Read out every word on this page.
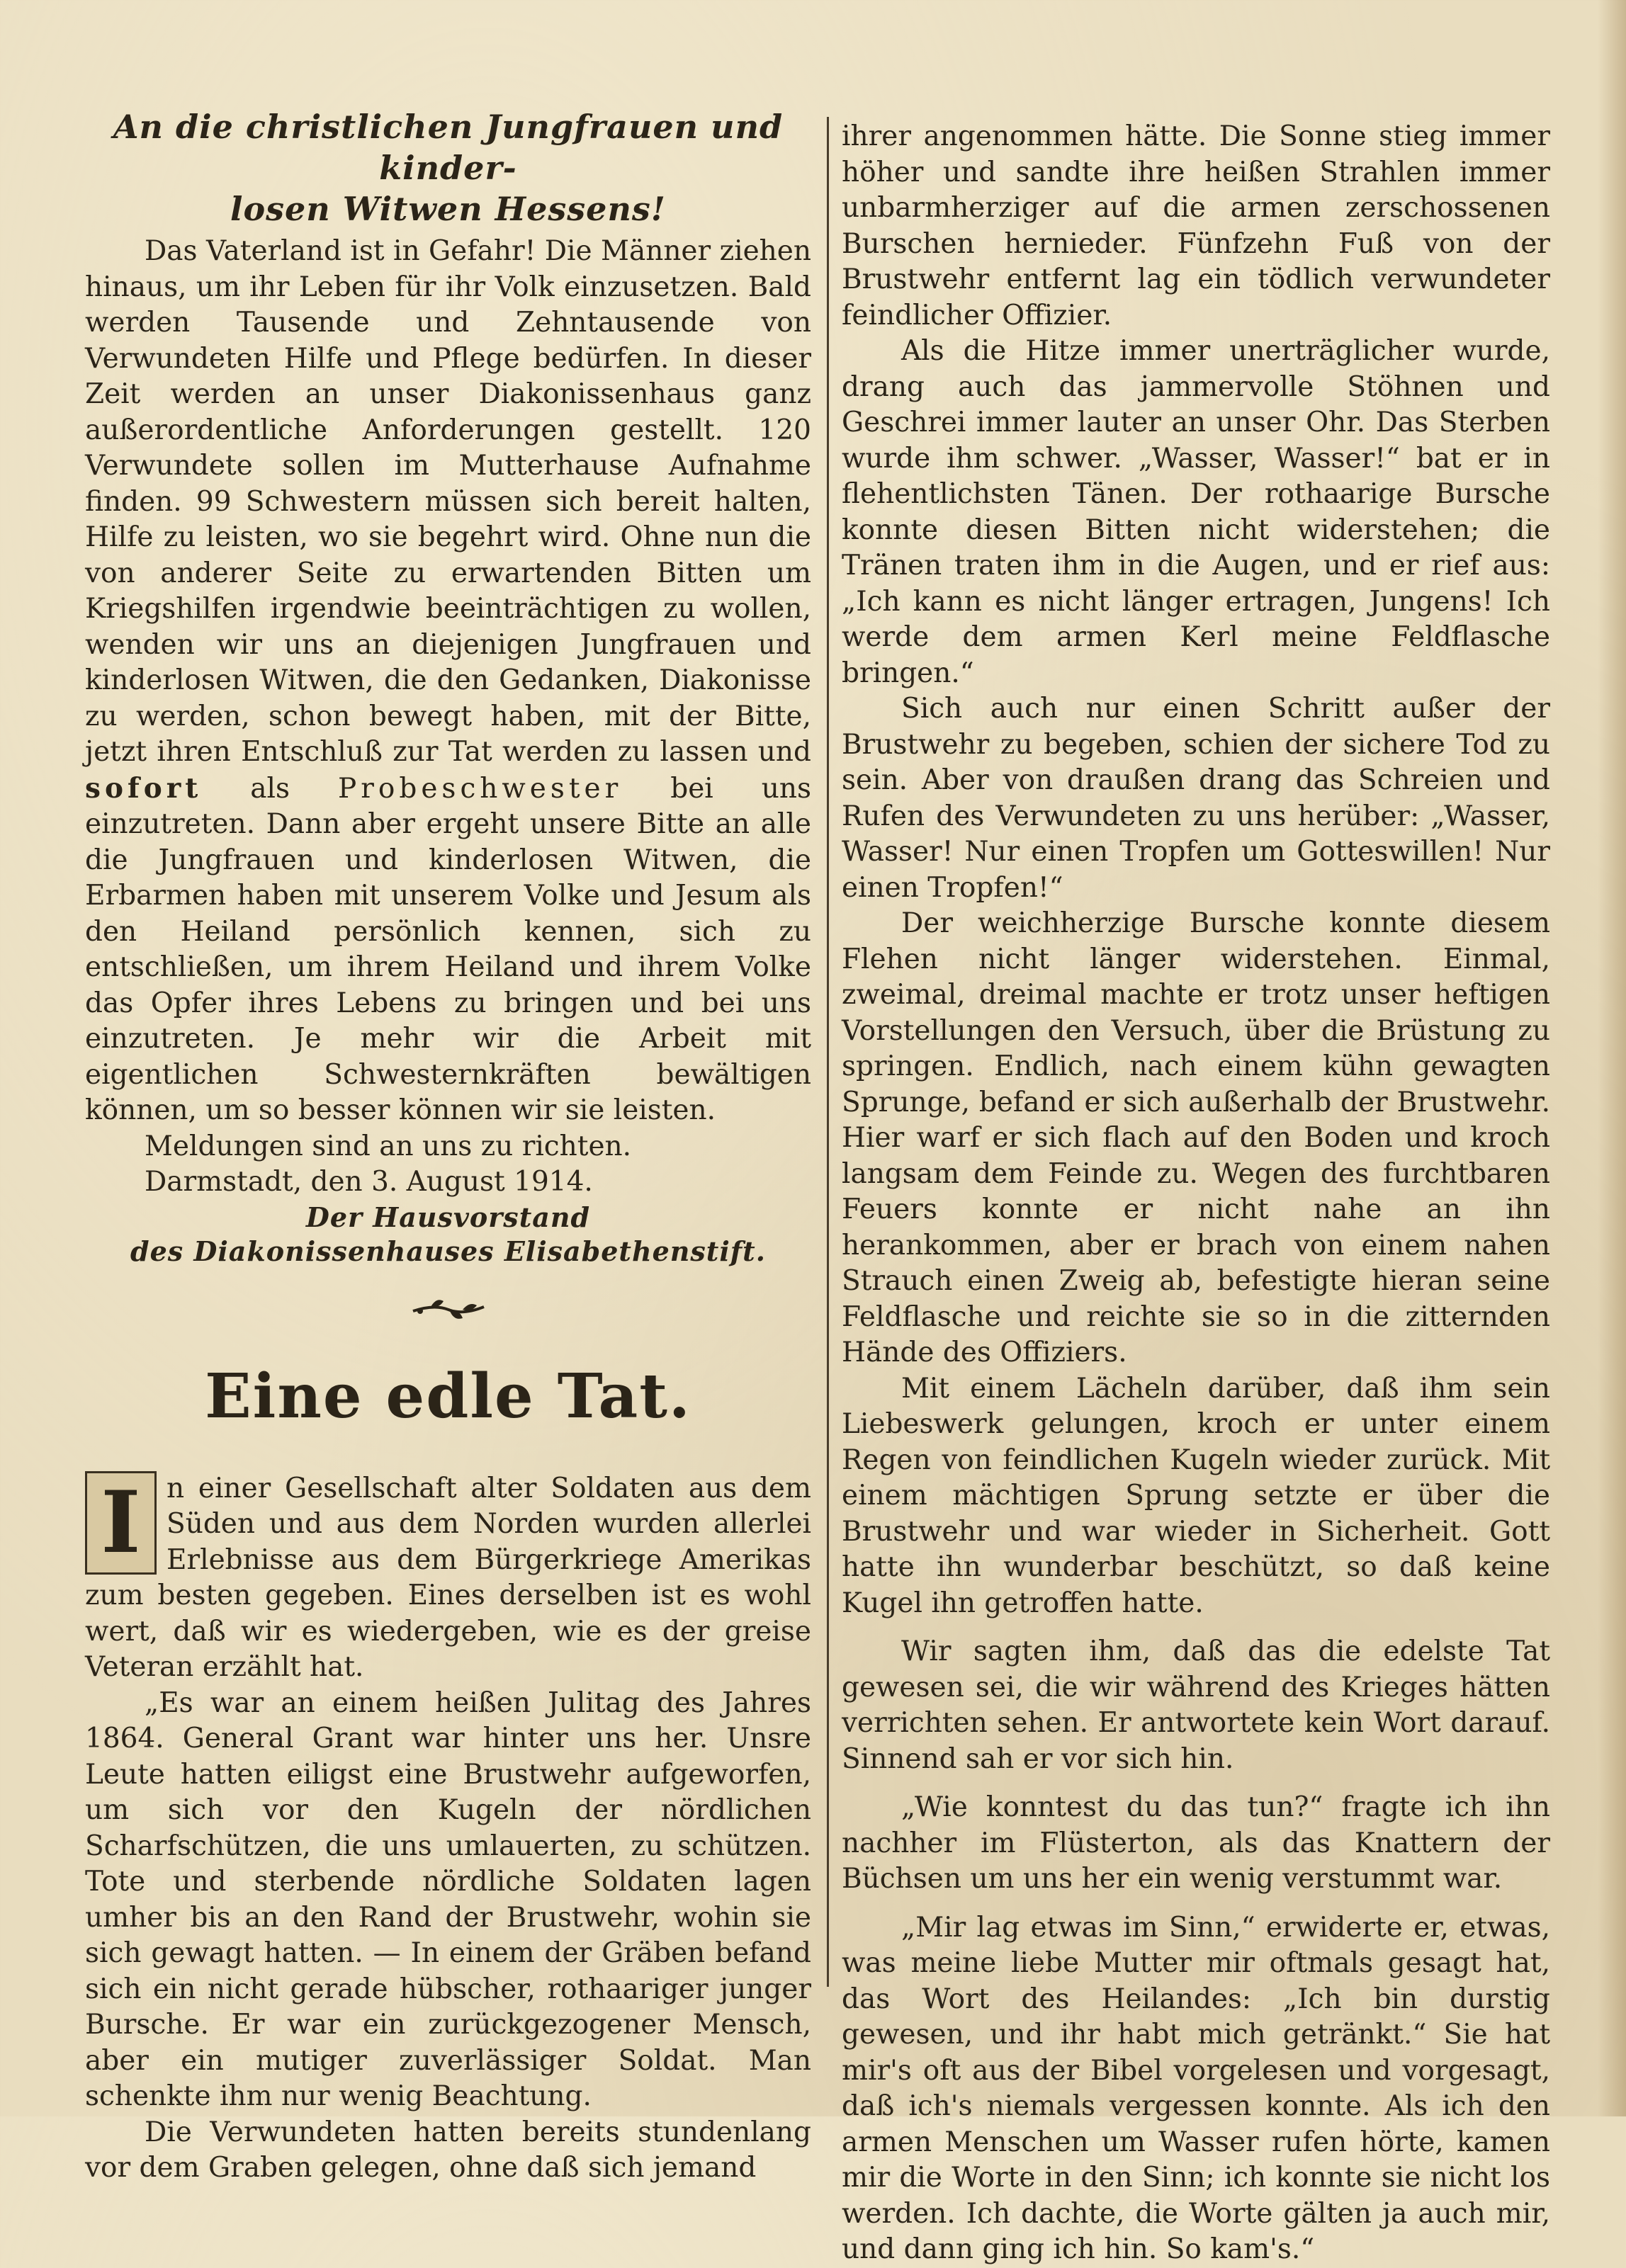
An die christlichen Jungfrauen und kinder-
losen Witwen Hessens!

Das Vaterland ist in Gefahr! Die Männer ziehen hinaus, um ihr Leben für ihr Volk einzusetzen. Bald werden Tausende und Zehntausende von Verwundeten Hilfe und Pflege bedürfen. In dieser Zeit werden an unser Diakonissenhaus ganz außerordentliche Anforderungen gestellt. 120 Verwundete sollen im Mutterhause Aufnahme finden. 99 Schwestern müssen sich bereit halten, Hilfe zu leisten, wo sie begehrt wird. Ohne nun die von anderer Seite zu erwartenden Bitten um Kriegshilfen irgendwie beeinträchtigen zu wollen, wenden wir uns an diejenigen Jungfrauen und kinderlosen Witwen, die den Gedanken, Diakonisse zu werden, schon bewegt haben, mit der Bitte, jetzt ihren Entschluß zur Tat werden zu lassen und sofort als Probeschwester bei uns einzutreten. Dann aber ergeht unsere Bitte an alle die Jungfrauen und kinderlosen Witwen, die Erbarmen haben mit unserem Volke und Jesum als den Heiland persönlich kennen, sich zu entschließen, um ihrem Heiland und ihrem Volke das Opfer ihres Lebens zu bringen und bei uns einzutreten. Je mehr wir die Arbeit mit eigentlichen Schwesternkräften bewältigen können, um so besser können wir sie leisten.

Meldungen sind an uns zu richten.

Darmstadt, den 3. August 1914.

Der Hausvorstand
des Diakonissenhauses Elisabethenstift.
Eine edle Tat.
I n einer Gesellschaft alter Soldaten aus dem Süden und aus dem Norden wurden allerlei Erlebnisse aus dem Bürgerkriege Amerikas zum besten gegeben. Eines derselben ist es wohl wert, daß wir es wiedergeben, wie es der greise Veteran erzählt hat.

„Es war an einem heißen Julitag des Jahres 1864. General Grant war hinter uns her. Unsre Leute hatten eiligst eine Brustwehr aufgeworfen, um sich vor den Kugeln der nördlichen Scharfschützen, die uns umlauerten, zu schützen. Tote und sterbende nördliche Soldaten lagen umher bis an den Rand der Brustwehr, wohin sie sich gewagt hatten. — In einem der Gräben befand sich ein nicht gerade hübscher, rothaariger junger Bursche. Er war ein zurückgezogener Mensch, aber ein mutiger zuverlässiger Soldat. Man schenkte ihm nur wenig Beachtung.

Die Verwundeten hatten bereits stundenlang vor dem Graben gelegen, ohne daß sich jemand

ihrer angenommen hätte. Die Sonne stieg immer höher und sandte ihre heißen Strahlen immer unbarmherziger auf die armen zerschossenen Burschen hernieder. Fünfzehn Fuß von der Brustwehr entfernt lag ein tödlich verwundeter feindlicher Offizier.

Als die Hitze immer unerträglicher wurde, drang auch das jammervolle Stöhnen und Geschrei immer lauter an unser Ohr. Das Sterben wurde ihm schwer. „Wasser, Wasser!“ bat er in flehentlichsten Tänen. Der rothaarige Bursche konnte diesen Bitten nicht widerstehen; die Tränen traten ihm in die Augen, und er rief aus: „Ich kann es nicht länger ertragen, Jungens! Ich werde dem armen Kerl meine Feldflasche bringen.“

Sich auch nur einen Schritt außer der Brustwehr zu begeben, schien der sichere Tod zu sein. Aber von draußen drang das Schreien und Rufen des Verwundeten zu uns herüber: „Wasser, Wasser! Nur einen Tropfen um Gotteswillen! Nur einen Tropfen!“

Der weichherzige Bursche konnte diesem Flehen nicht länger widerstehen. Einmal, zweimal, dreimal machte er trotz unser heftigen Vorstellungen den Versuch, über die Brüstung zu springen. Endlich, nach einem kühn gewagten Sprunge, befand er sich außerhalb der Brustwehr. Hier warf er sich flach auf den Boden und kroch langsam dem Feinde zu. Wegen des furchtbaren Feuers konnte er nicht nahe an ihn herankommen, aber er brach von einem nahen Strauch einen Zweig ab, befestigte hieran seine Feldflasche und reichte sie so in die zitternden Hände des Offiziers.

Mit einem Lächeln darüber, daß ihm sein Liebeswerk gelungen, kroch er unter einem Regen von feindlichen Kugeln wieder zurück. Mit einem mächtigen Sprung setzte er über die Brustwehr und war wieder in Sicherheit. Gott hatte ihn wunderbar beschützt, so daß keine Kugel ihn getroffen hatte.

Wir sagten ihm, daß das die edelste Tat gewesen sei, die wir während des Krieges hätten verrichten sehen. Er antwortete kein Wort darauf. Sinnend sah er vor sich hin.

„Wie konntest du das tun?“ fragte ich ihn nachher im Flüsterton, als das Knattern der Büchsen um uns her ein wenig verstummt war.

„Mir lag etwas im Sinn,“ erwiderte er, etwas, was meine liebe Mutter mir oftmals gesagt hat, das Wort des Heilandes: „Ich bin durstig gewesen, und ihr habt mich getränkt.“ Sie hat mir's oft aus der Bibel vorgelesen und vorgesagt, daß ich's niemals vergessen konnte. Als ich den armen Menschen um Wasser rufen hörte, kamen mir die Worte in den Sinn; ich konnte sie nicht los werden. Ich dachte, die Worte gälten ja auch mir, und dann ging ich hin. So kam's.“
